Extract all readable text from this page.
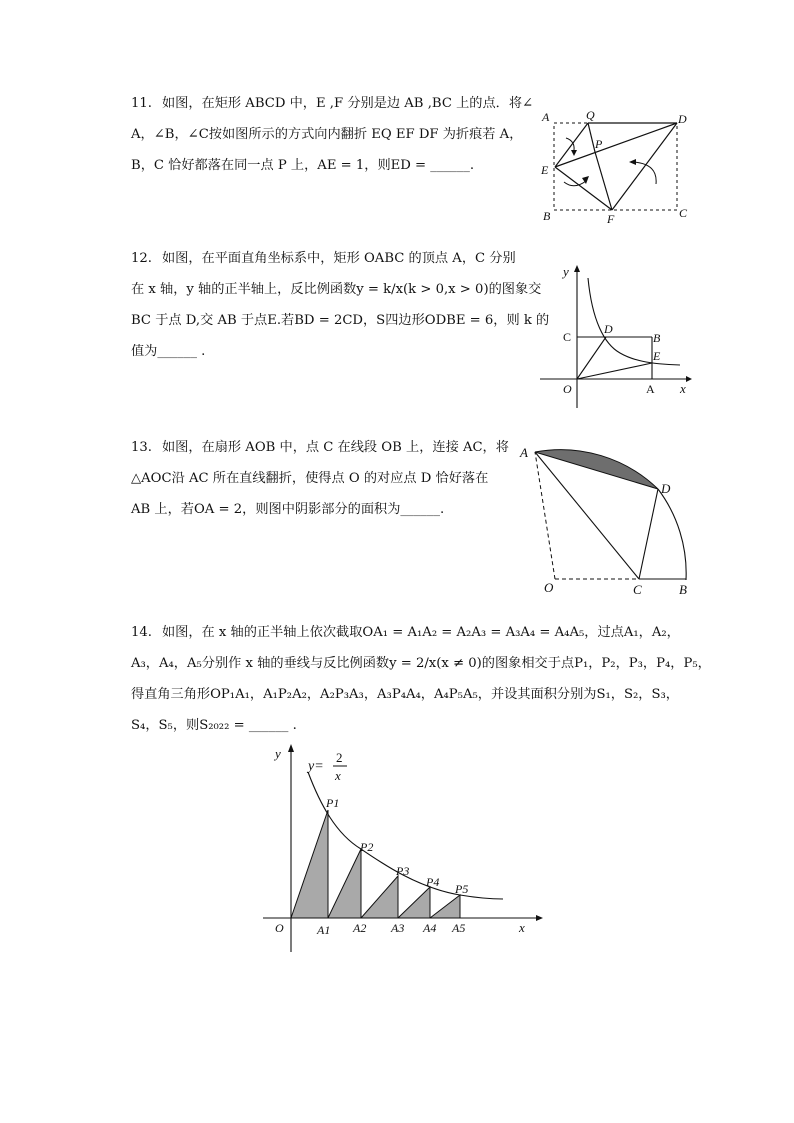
11. 如图，在矩形 ABCD 中，E ,F 分别是边 AB ,BC 上的点．将∠
A，∠B，∠C按如图所示的方式向内翻折 EQ EF DF 为折痕若 A，
B，C 恰好都落在同一点 P 上，AE = 1，则ED = ______.
A	Q	D
P
E
B	F	C
12. 如图，在平面直角坐标系中，矩形 OABC 的顶点 A，C 分别
在 x 轴，y 轴的正半轴上，反比例函数y = k/x(k > 0,x > 0)的图象交
BC 于点 D,交 AB 于点E.若BD = 2CD，S四边形ODBE = 6，则 k 的
值为______ .
y
x
C
D
B
E
O	A
13. 如图，在扇形 AOB 中，点 C 在线段 OB 上，连接 AC，将
△AOC沿 AC 所在直线翻折，使得点 O 的对应点 D 恰好落在
AB 上，若OA = 2，则图中阴影部分的面积为______.
A
D
O	C	B
14. 如图，在 x 轴的正半轴上依次截取OA₁ = A₁A₂ = A₂A₃ = A₃A₄ = A₄A₅，过点A₁，A₂，
A₃，A₄，A₅分别作 x 轴的垂线与反比例函数y = 2/x(x ≠ 0)的图象相交于点P₁，P₂，P₃，P₄，P₅，
得直角三角形OP₁A₁，A₁P₂A₂，A₂P₃A₃，A₃P₄A₄，A₄P₅A₅，并设其面积分别为S₁，S₂，S₃，
S₄，S₅，则S₂₀₂₂ = ______ .
y=
2
x
y
x
O	A1 A2 A3 A4 A5
P1
P2
P3
P4 P5
